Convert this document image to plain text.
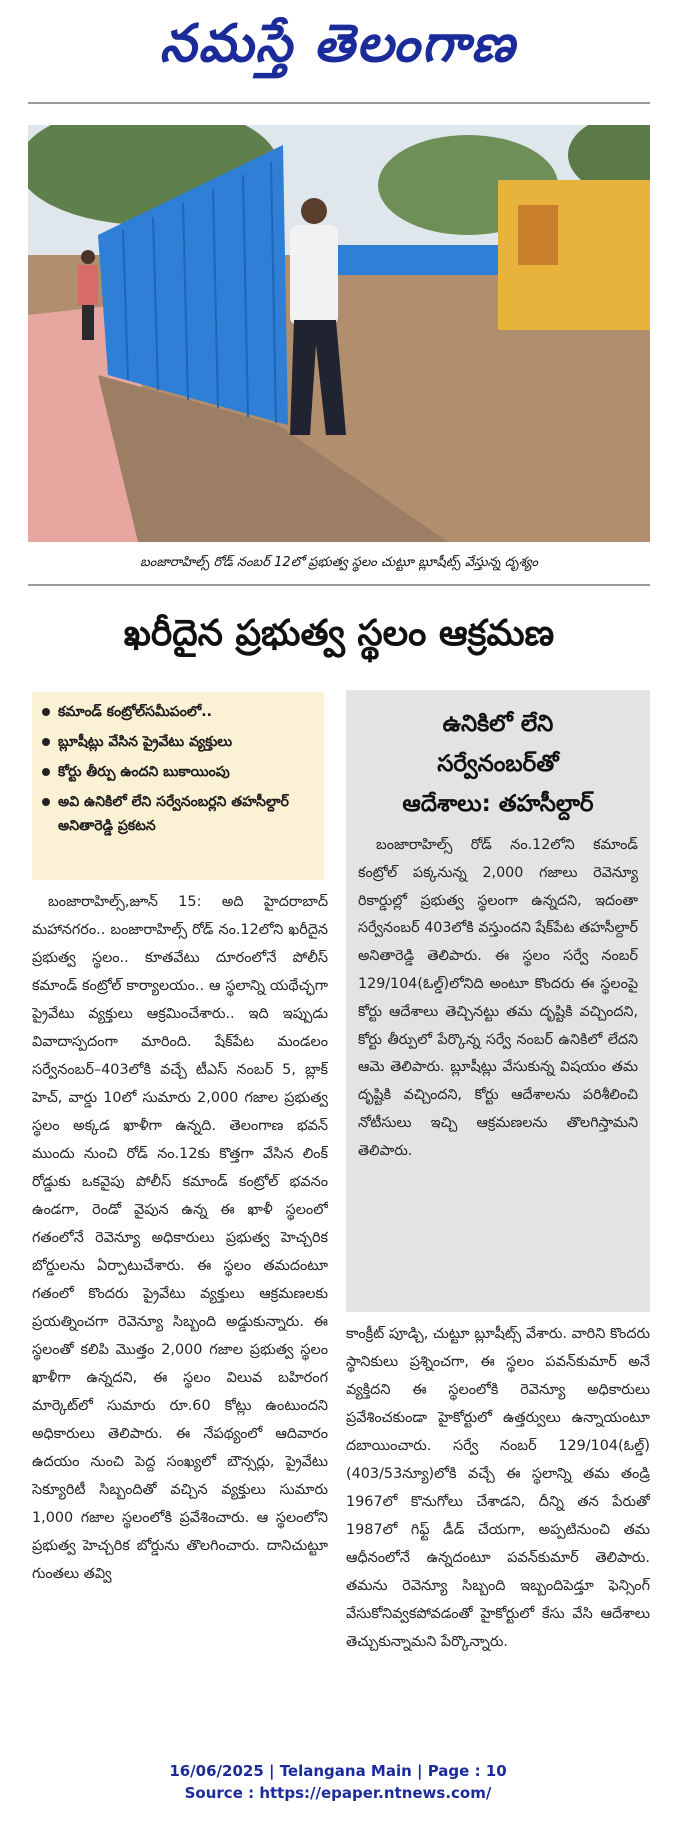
నమస్తే తెలంగాణ
బంజారాహిల్స్ రోడ్ నంబర్ 12లో ప్రభుత్వ స్థలం చుట్టూ బ్లూషీట్స్ వేస్తున్న దృశ్యం
ఖరీదైన ప్రభుత్వ స్థలం ఆక్రమణ
కమాండ్ కంట్రోల్‌సమీపంలో..
బ్లూషీట్లు వేసిన ప్రైవేటు వ్యక్తులు
కోర్టు తీర్పు ఉందని బుకాయింపు
అవి ఉనికిలో లేని సర్వేనంబర్లని తహసీల్దార్ అనితారెడ్డి ప్రకటన
ఉనికిలో లేని
సర్వేనంబర్‌తో
ఆదేశాలు: తహసీల్దార్
బంజారాహిల్స్ రోడ్ నం.12లోని కమాండ్ కంట్రోల్ పక్కనున్న 2,000 గజాలు రెవెన్యూ రికార్డుల్లో ప్రభుత్వ స్థలంగా ఉన్నదని, ఇదంతా సర్వేనంబర్ 403లోకి వస్తుందని షేక్‌పేట తహసీల్దార్ అనితారెడ్డి తెలిపారు. ఈ స్థలం సర్వే నంబర్ 129/104(ఓల్డ్)లోనిది అంటూ కొందరు ఈ స్థలంపై కోర్టు ఆదేశాలు తెచ్చినట్టు తమ దృష్టికి వచ్చిందని, కోర్టు తీర్పులో పేర్కొన్న సర్వే నంబర్ ఉనికిలో లేదని ఆమె తెలిపారు. బ్లూషీట్లు వేసుకున్న విషయం తమ దృష్టికి వచ్చిందని, కోర్టు ఆదేశాలను పరిశీలించి నోటీసులు ఇచ్చి ఆక్రమణలను తొలగిస్తామని తెలిపారు.
బంజారాహిల్స్,జూన్ 15: అది హైదరాబాద్ మహానగరం.. బంజారాహిల్స్ రోడ్ నం.12లోని ఖరీదైన ప్రభుత్వ స్థలం.. కూతవేటు దూరంలోనే పోలీస్ కమాండ్ కంట్రోల్ కార్యాలయం.. ఆ స్థలాన్ని యథేచ్ఛగా ప్రైవేటు వ్యక్తులు ఆక్రమించేశారు.. ఇది ఇప్పుడు వివాదాస్పదంగా మారింది. షేక్‌పేట మండలం సర్వేనంబర్–403లోకి వచ్చే టీఎస్ నంబర్ 5, బ్లాక్ హెచ్, వార్డు 10లో సుమారు 2,000 గజాల ప్రభుత్వ స్థలం అక్కడ ఖాళీగా ఉన్నది. తెలంగాణ భవన్ ముందు నుంచి రోడ్ నం.12కు కొత్తగా వేసిన లింక్ రోడ్డుకు ఒకవైపు పోలీస్ కమాండ్ కంట్రోల్ భవనం ఉండగా, రెండో వైపున ఉన్న ఈ ఖాళీ స్థలంలో గతంలోనే రెవెన్యూ అధికారులు ప్రభుత్వ హెచ్చరిక బోర్డులను ఏర్పాటుచేశారు. ఈ స్థలం తమదంటూ గతంలో కొందరు ప్రైవేటు వ్యక్తులు ఆక్రమణలకు ప్రయత్నించగా రెవెన్యూ సిబ్బంది అడ్డుకున్నారు. ఈ స్థలంతో కలిపి మొత్తం 2,000 గజాల ప్రభుత్వ స్థలం ఖాళీగా ఉన్నదని, ఈ స్థలం విలువ బహిరంగ మార్కెట్‌లో సుమారు రూ.60 కోట్లు ఉంటుందని అధికారులు తెలిపారు. ఈ నేపథ్యంలో ఆదివారం ఉదయం నుంచి పెద్ద సంఖ్యలో బౌన్సర్లు, ప్రైవేటు సెక్యూరిటీ సిబ్బందితో వచ్చిన వ్యక్తులు సుమారు 1,000 గజాల స్థలంలోకి ప్రవేశించారు. ఆ స్థలంలోని ప్రభుత్వ హెచ్చరిక బోర్డును తొలగించారు. దానిచుట్టూ గుంతలు తవ్వి
కాంక్రీట్ పూడ్చి, చుట్టూ బ్లూషీట్స్ వేశారు. వారిని కొందరు స్థానికులు ప్రశ్నించగా, ఈ స్థలం పవన్‌కుమార్ అనే వ్యక్తిదని ఈ స్థలంలోకి రెవెన్యూ అధికారులు ప్రవేశించకుండా హైకోర్టులో ఉత్తర్వులు ఉన్నాయంటూ దబాయించారు. సర్వే నంబర్ 129/104(ఓల్డ్)(403/53న్యూ)లోకి వచ్చే ఈ స్థలాన్ని తమ తండ్రి 1967లో కొనుగోలు చేశాడని, దీన్ని తన పేరుతో 1987లో గిఫ్ట్ డీడ్ చేయగా, అప్పటినుంచి తమ ఆధీనంలోనే ఉన్నదంటూ పవన్‌కుమార్ తెలిపారు. తమను రెవెన్యూ సిబ్బంది ఇబ్బందిపెడ్తూ ఫెన్సింగ్ వేసుకోనివ్వకపోవడంతో హైకోర్టులో కేసు వేసి ఆదేశాలు తెచ్చుకున్నామని పేర్కొన్నారు.
16/06/2025 | Telangana Main | Page : 10
Source : https://epaper.ntnews.com/
